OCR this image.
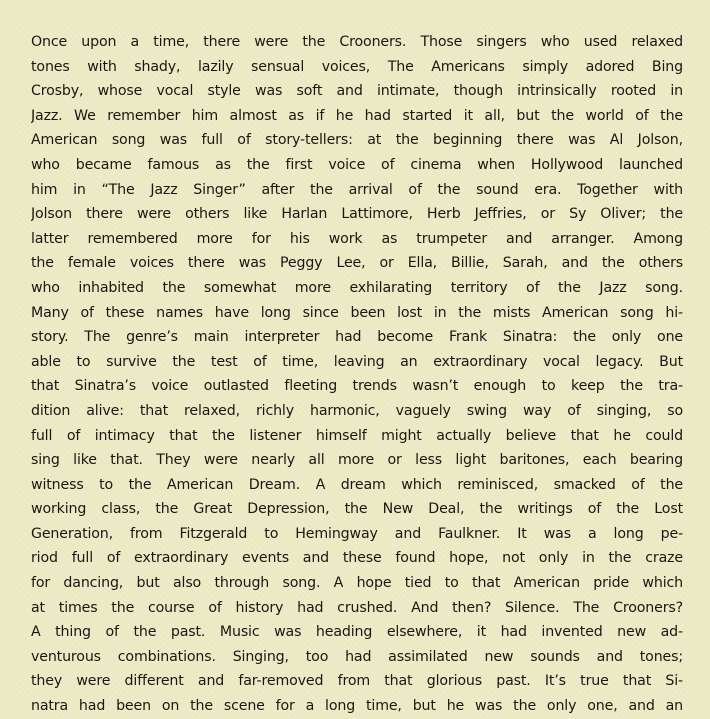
Once upon a time, there were the Crooners. Those singers who used relaxed
tones with shady, lazily sensual voices, The Americans simply adored Bing
Crosby, whose vocal style was soft and intimate, though intrinsically rooted in
Jazz. We remember him almost as if he had started it all, but the world of the
American song was full of story-tellers: at the beginning there was Al Jolson,
who became famous as the first voice of cinema when Hollywood launched
him in “The Jazz Singer” after the arrival of the sound era. Together with
Jolson there were others like Harlan Lattimore, Herb Jeffries, or Sy Oliver; the
latter remembered more for his work as trumpeter and arranger. Among
the female voices there was Peggy Lee, or Ella, Billie, Sarah, and the others
who inhabited the somewhat more exhilarating territory of the Jazz song.
Many of these names have long since been lost in the mists American song hi-
story. The genre’s main interpreter had become Frank Sinatra: the only one
able to survive the test of time, leaving an extraordinary vocal legacy. But
that Sinatra’s voice outlasted fleeting trends wasn’t enough to keep the tra-
dition alive: that relaxed, richly harmonic, vaguely swing way of singing, so
full of intimacy that the listener himself might actually believe that he could
sing like that. They were nearly all more or less light baritones, each bearing
witness to the American Dream. A dream which reminisced, smacked of the
working class, the Great Depression, the New Deal, the writings of the Lost
Generation, from Fitzgerald to Hemingway and Faulkner. It was a long pe-
riod full of extraordinary events and these found hope, not only in the craze
for dancing, but also through song. A hope tied to that American pride which
at times the course of history had crushed. And then? Silence. The Crooners?
A thing of the past. Music was heading elsewhere, it had invented new ad-
venturous combinations. Singing, too had assimilated new sounds and tones;
they were different and far-removed from that glorious past. It’s true that Si-
natra had been on the scene for a long time, but he was the only one, and an
